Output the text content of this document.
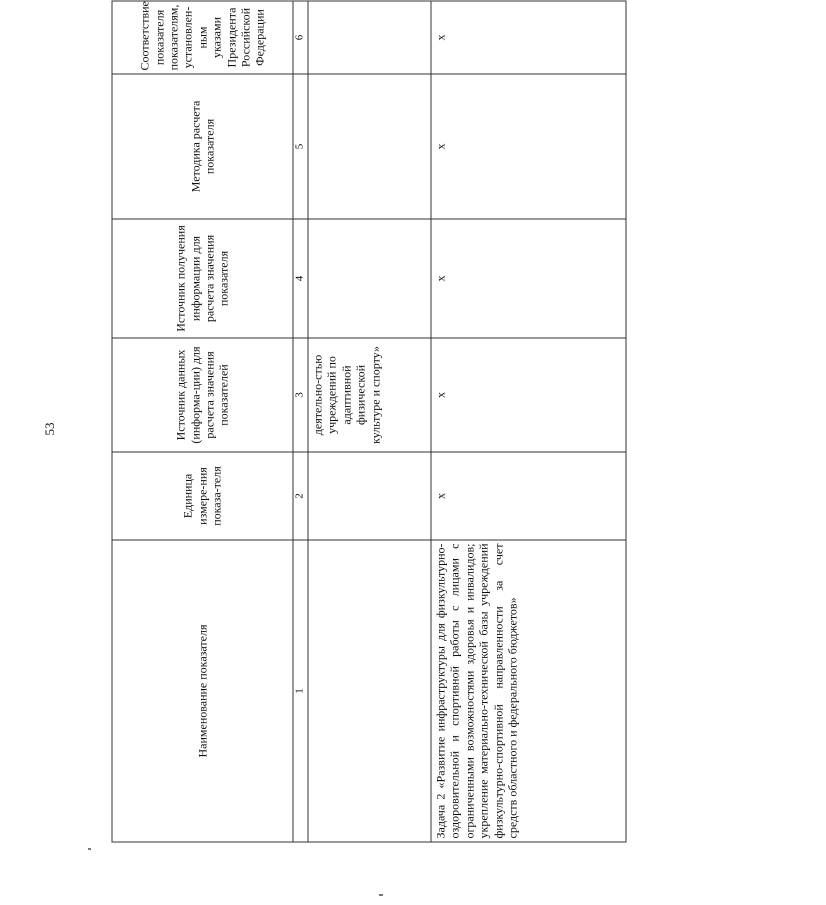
53
Наименование показателя	Единица измере-ния показа-теля	Источник данных (информа-ции) для расчета значения показателей	Источник получения информации для расчета значения показателя	Методика расчета показателя	Соответствие показателя показателям, установлен-ным указами Президента Российской Федерации
1	2	3	4	5	6
		деятельно-стью учреждений по адаптивной физической культуре и спорту»			
Задача 2 «Развитие инфраструктуры для физкультурно-оздоровительной и спортивной работы с лицами с ограниченными возможностями здоровья и инвалидов; укрепление материально-технической базы учреждений физкультурно-спортивной направленности за счет средств областного и федерального бюджетов»	x	x	x	x	x
